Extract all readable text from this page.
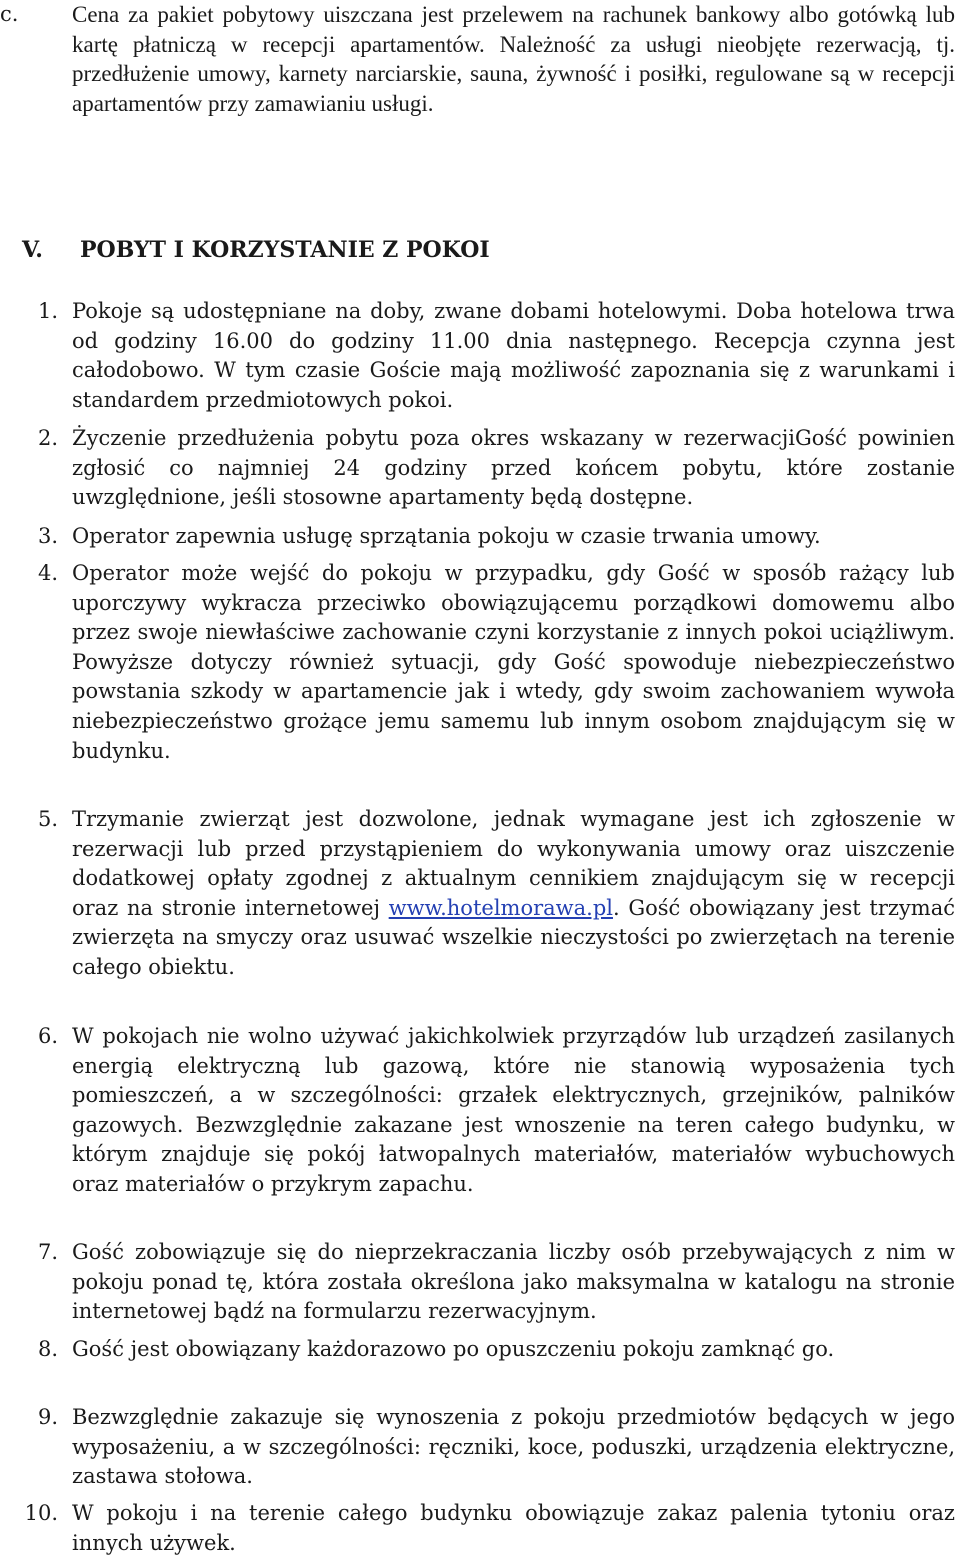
c.	Cena za pakiet pobytowy uiszczana jest przelewem na rachunek bankowy albo gotówką lub kartę płatniczą w recepcji apartamentów. Należność za usługi nieobjęte rezerwacją, tj. przedłużenie umowy, karnety narciarskie, sauna, żywność i posiłki, regulowane są w recepcji apartamentów przy zamawianiu usługi.
V. POBYT I KORZYSTANIE Z POKOI
1. Pokoje są udostępniane na doby, zwane dobami hotelowymi. Doba hotelowa trwa od godziny 16.00 do godziny 11.00 dnia następnego. Recepcja czynna jest całodobowo. W tym czasie Goście mają możliwość zapoznania się z warunkami i standardem przedmiotowych pokoi.
2. Życzenie przedłużenia pobytu poza okres wskazany w rezerwacjiGość powinien zgłosić co najmniej 24 godziny przed końcem pobytu, które zostanie uwzględnione, jeśli stosowne apartamenty będą dostępne.
3. Operator zapewnia usługę sprzątania pokoju w czasie trwania umowy.
4. Operator może wejść do pokoju w przypadku, gdy Gość w sposób rażący lub uporczywy wykracza przeciwko obowiązującemu porządkowi domowemu albo przez swoje niewłaściwe zachowanie czyni korzystanie z innych pokoi uciążliwym. Powyższe dotyczy również sytuacji, gdy Gość spowoduje niebezpieczeństwo powstania szkody w apartamencie jak i wtedy, gdy swoim zachowaniem wywoła niebezpieczeństwo grożące jemu samemu lub innym osobom znajdującym się w budynku.
5. Trzymanie zwierząt jest dozwolone, jednak wymagane jest ich zgłoszenie w rezerwacji lub przed przystąpieniem do wykonywania umowy oraz uiszczenie dodatkowej opłaty zgodnej z aktualnym cennikiem znajdującym się w recepcji oraz na stronie internetowej www.hotelmorawa.pl. Gość obowiązany jest trzymać zwierzęta na smyczy oraz usuwać wszelkie nieczystości po zwierzętach na terenie całego obiektu.
6. W pokojach nie wolno używać jakichkolwiek przyrządów lub urządzeń zasilanych energią elektryczną lub gazową, które nie stanowią wyposażenia tych pomieszczeń, a w szczególności: grzałek elektrycznych, grzejników, palników gazowych. Bezwzględnie zakazane jest wnoszenie na teren całego budynku, w którym znajduje się pokój łatwopalnych materiałów, materiałów wybuchowych oraz materiałów o przykrym zapachu.
7. Gość zobowiązuje się do nieprzekraczania liczby osób przebywających z nim w pokoju ponad tę, która została określona jako maksymalna w katalogu na stronie internetowej bądź na formularzu rezerwacyjnym.
8. Gość jest obowiązany każdorazowo po opuszczeniu pokoju zamknąć go.
9. Bezwzględnie zakazuje się wynoszenia z pokoju przedmiotów będących w jego wyposażeniu, a w szczególności: ręczniki, koce, poduszki, urządzenia elektryczne, zastawa stołowa.
10. W pokoju i na terenie całego budynku obowiązuje zakaz palenia tytoniu oraz innych używek.
